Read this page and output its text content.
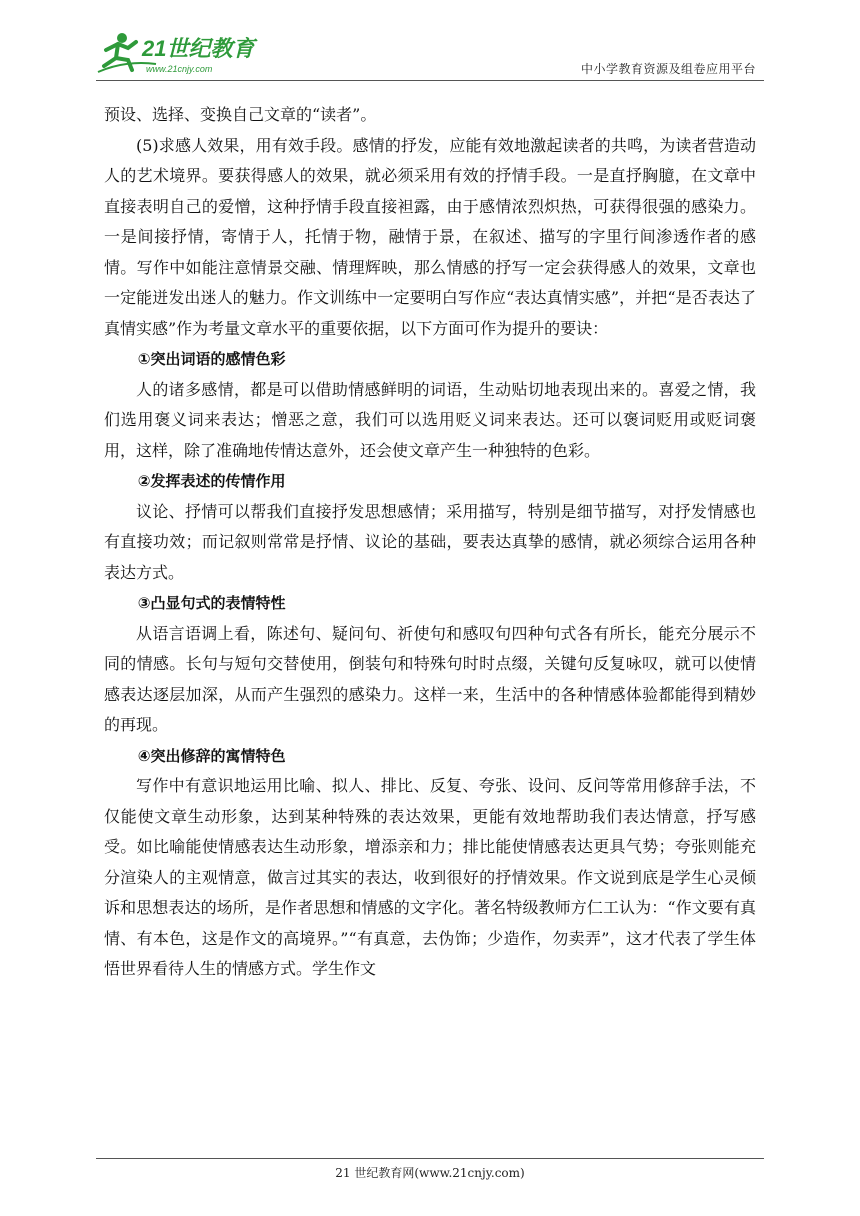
21世纪教育
www.21cnjy.com	中小学教育资源及组卷应用平台

预设、选择、变换自己文章的“读者”。

(5)求感人效果，用有效手段。感情的抒发，应能有效地激起读者的共鸣，为读者营造动人的艺术境界。要获得感人的效果，就必须采用有效的抒情手段。一是直抒胸臆，在文章中直接表明自己的爱憎，这种抒情手段直接袒露，由于感情浓烈炽热，可获得很强的感染力。一是间接抒情，寄情于人，托情于物，融情于景，在叙述、描写的字里行间渗透作者的感情。写作中如能注意情景交融、情理辉映，那么情感的抒写一定会获得感人的效果，文章也一定能迸发出迷人的魅力。作文训练中一定要明白写作应“表达真情实感”，并把“是否表达了真情实感”作为考量文章水平的重要依据，以下方面可作为提升的要诀：

①突出词语的感情色彩

人的诸多感情，都是可以借助情感鲜明的词语，生动贴切地表现出来的。喜爱之情，我们选用褒义词来表达；憎恶之意，我们可以选用贬义词来表达。还可以褒词贬用或贬词褒用，这样，除了准确地传情达意外，还会使文章产生一种独特的色彩。

②发挥表述的传情作用

议论、抒情可以帮我们直接抒发思想感情；采用描写，特别是细节描写，对抒发情感也有直接功效；而记叙则常常是抒情、议论的基础，要表达真挚的感情，就必须综合运用各种表达方式。

③凸显句式的表情特性

从语言语调上看，陈述句、疑问句、祈使句和感叹句四种句式各有所长，能充分展示不同的情感。长句与短句交替使用，倒装句和特殊句时时点缀，关键句反复咏叹，就可以使情感表达逐层加深，从而产生强烈的感染力。这样一来，生活中的各种情感体验都能得到精妙的再现。

④突出修辞的寓情特色

写作中有意识地运用比喻、拟人、排比、反复、夸张、设问、反问等常用修辞手法，不仅能使文章生动形象，达到某种特殊的表达效果，更能有效地帮助我们表达情意，抒写感受。如比喻能使情感表达生动形象，增添亲和力；排比能使情感表达更具气势；夸张则能充分渲染人的主观情意，做言过其实的表达，收到很好的抒情效果。作文说到底是学生心灵倾诉和思想表达的场所，是作者思想和情感的文字化。著名特级教师方仁工认为：“作文要有真情、有本色，这是作文的高境界。”“有真意，去伪饰；少造作，勿卖弄”，这才代表了学生体悟世界看待人生的情感方式。学生作文

21 世纪教育网(www.21cnjy.com)
